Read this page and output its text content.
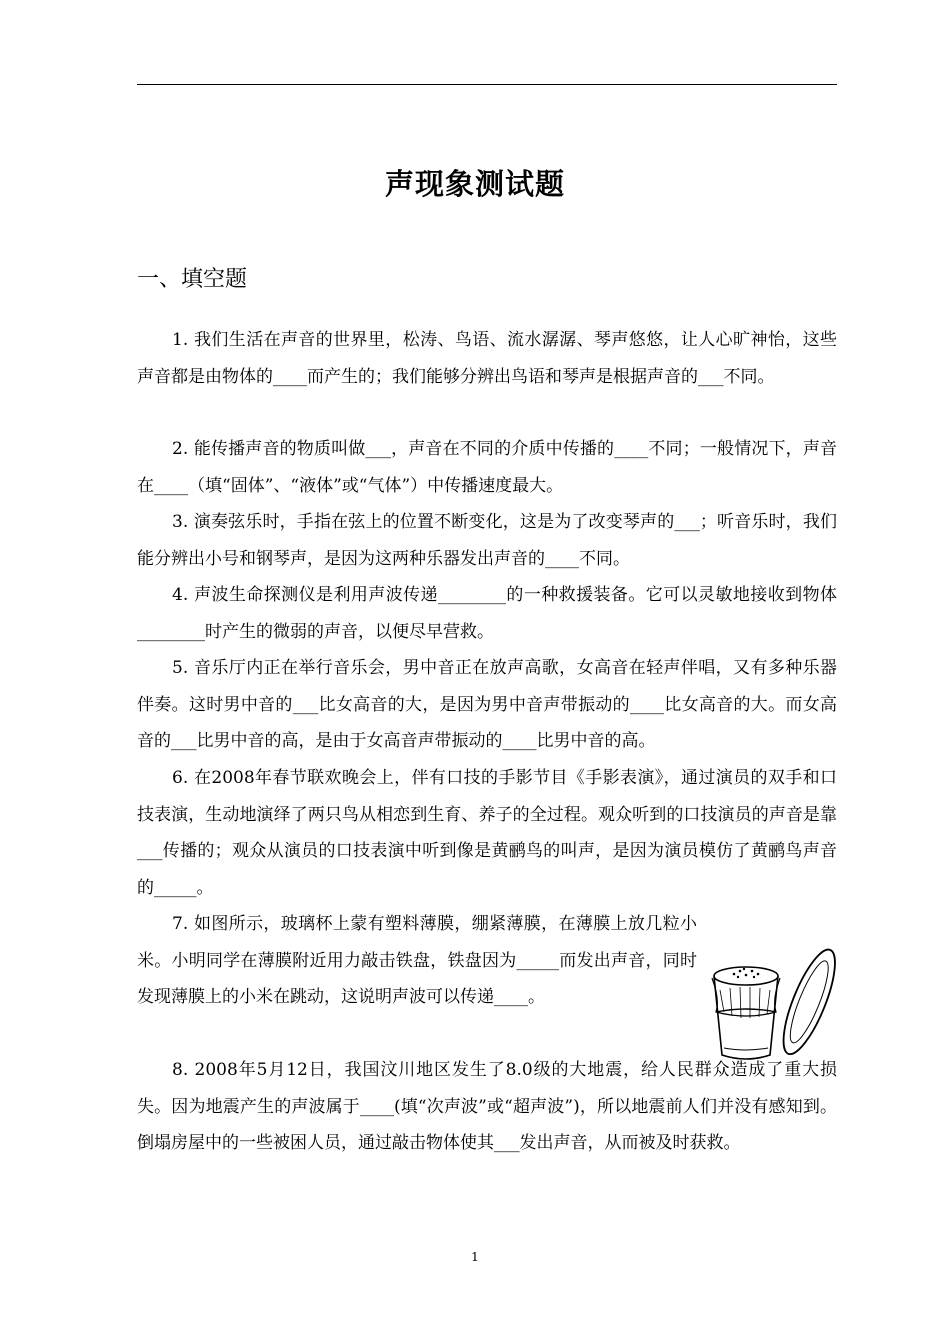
声现象测试题
一、填空题
1. 我们生活在声音的世界里，松涛、鸟语、流水潺潺、琴声悠悠，让人心旷神怡，这些声音都是由物体的____而产生的；我们能够分辨出鸟语和琴声是根据声音的___不同。
2. 能传播声音的物质叫做___，声音在不同的介质中传播的____不同；一般情况下，声音在____（填“固体”、“液体”或“气体”）中传播速度最大。
3. 演奏弦乐时，手指在弦上的位置不断变化，这是为了改变琴声的___；听音乐时，我们能分辨出小号和钢琴声，是因为这两种乐器发出声音的____不同。
4. 声波生命探测仪是利用声波传递________的一种救援装备。它可以灵敏地接收到物体________时产生的微弱的声音，以便尽早营救。
5. 音乐厅内正在举行音乐会，男中音正在放声高歌，女高音在轻声伴唱，又有多种乐器伴奏。这时男中音的___比女高音的大，是因为男中音声带振动的____比女高音的大。而女高音的___比男中音的高，是由于女高音声带振动的____比男中音的高。
6. 在2008年春节联欢晚会上，伴有口技的手影节目《手影表演》，通过演员的双手和口技表演，生动地演绎了两只鸟从相恋到生育、养子的全过程。观众听到的口技演员的声音是靠___传播的；观众从演员的口技表演中听到像是黄鹂鸟的叫声，是因为演员模仿了黄鹂鸟声音的_____。
7. 如图所示，玻璃杯上蒙有塑料薄膜，绷紧薄膜，在薄膜上放几粒小米。小明同学在薄膜附近用力敲击铁盘，铁盘因为_____而发出声音，同时发现薄膜上的小米在跳动，这说明声波可以传递____。
8. 2008年5月12日，我国汶川地区发生了8.0级的大地震，给人民群众造成了重大损失。因为地震产生的声波属于____(填“次声波”或“超声波”)，所以地震前人们并没有感知到。倒塌房屋中的一些被困人员，通过敲击物体使其___发出声音，从而被及时获救。
1
